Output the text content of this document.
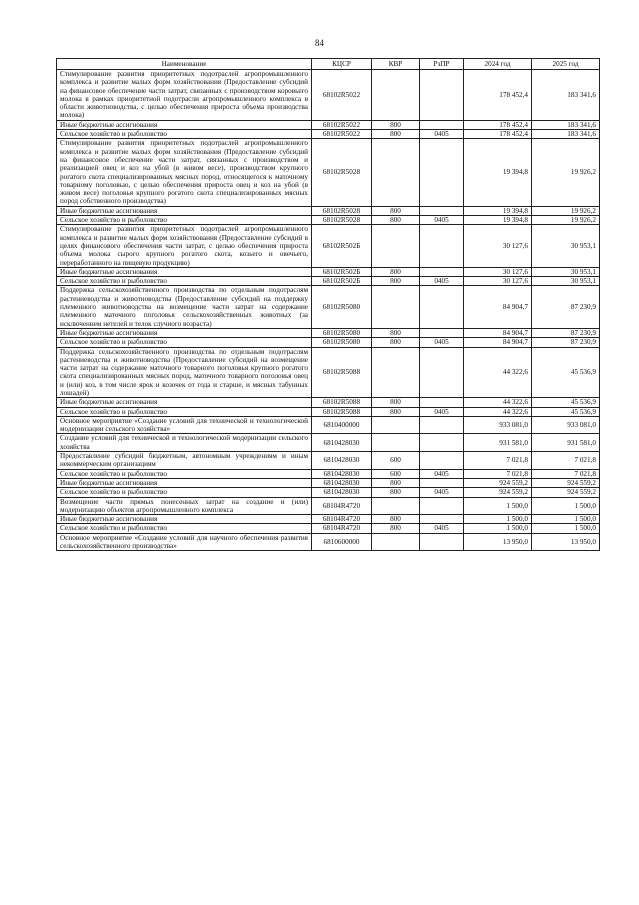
84
Наименование	КЦСР	КВР	РзПР	2024 год	2025 год
Стимулирование развития приоритетных подотраслей агропромышленного комплекса и развитие малых форм хозяйствования (Предоставление субсидий на финансовое обеспечение части затрат, связанных с производством коровьего молока в рамках приоритетной подотрасли агропромышленного комплекса в области животноводства, с целью обеспечения прироста объема производства молока)	68102R5022			178 452,4	183 341,6
Иные бюджетные ассигнования	68102R5022	800		178 452,4	183 341,6
Сельское хозяйство и рыболовство	68102R5022	800	0405	178 452,4	183 341,6
Стимулирование развития приоритетных подотраслей агропромышленного комплекса и развитие малых форм хозяйствования (Предоставление субсидий на финансовое обеспечение части затрат, связанных с производством и реализацией овец и коз на убой (в живом весе), производством крупного рогатого скота специализированных мясных пород, относящегося к маточному товарному поголовью, с целью обеспечения прироста овец и коз на убой (в живом весе) поголовья крупного рогатого скота специализированных мясных пород собственного производства)	68102R5028			19 394,8	19 926,2
Иные бюджетные ассигнования	68102R5028	800		19 394,8	19 926,2
Сельское хозяйство и рыболовство	68102R5028	800	0405	19 394,8	19 926,2
Стимулирование развития приоритетных подотраслей агропромышленного комплекса и развитие малых форм хозяйствования (Предоставление субсидий в целях финансового обеспечения части затрат, с целью обеспечения прироста объема молока сырого крупного рогатого скота, козьего и овечьего, переработанного на пищевую продукцию)	68102R502Б			30 127,6	30 953,1
Иные бюджетные ассигнования	68102R502Б	800		30 127,6	30 953,1
Сельское хозяйство и рыболовство	68102R502Б	800	0405	30 127,6	30 953,1
Поддержка сельскохозяйственного производства по отдельным подотраслям растениеводства и животноводства (Предоставление субсидий на поддержку племенного животноводства на возмещение части затрат на содержание племенного маточного поголовья сельскохозяйственных животных (за исключением нетелей и телок случного возраста)	68102R5080			84 904,7	87 230,9
Иные бюджетные ассигнования	68102R5080	800		84 904,7	87 230,9
Сельское хозяйство и рыболовство	68102R5080	800	0405	84 904,7	87 230,9
Поддержка сельскохозяйственного производства по отдельным подотраслям растениеводства и животноводства (Предоставление субсидий на возмещение части затрат на содержание маточного товарного поголовья крупного рогатого скота специализированных мясных пород, маточного товарного поголовья овец и (или) коз, в том числе ярок и козочек от года и старше, и мясных табунных лошадей)	68102R5088			44 322,6	45 536,9
Иные бюджетные ассигнования	68102R5088	800		44 322,6	45 536,9
Сельское хозяйство и рыболовство	68102R5088	800	0405	44 322,6	45 536,9
Основное мероприятие «Создание условий для технической и технологической модернизации сельского хозяйства»	6810400000			933 081,0	933 081,0
Создание условий для технической и технологической модернизации сельского хозяйства	6810428030			931 581,0	931 581,0
Предоставление субсидий бюджетным, автономным учреждениям и иным некоммерческим организациям	6810428030	600		7 021,8	7 021,8
Сельское хозяйство и рыболовство	6810428030	600	0405	7 021,8	7 021,8
Иные бюджетные ассигнования	6810428030	800		924 559,2	924 559,2
Сельское хозяйство и рыболовство	6810428030	800	0405	924 559,2	924 559,2
Возмещение части прямых понесенных затрат на создание и (или) модернизацию объектов агропромышленного комплекса	68104R4720			1 500,0	1 500,0
Иные бюджетные ассигнования	68104R4720	800		1 500,0	1 500,0
Сельское хозяйство и рыболовство	68104R4720	800	0405	1 500,0	1 500,0
Основное мероприятие «Создание условий для научного обеспечения развития сельскохозяйственного производства»	6810600000			13 950,0	13 950,0
